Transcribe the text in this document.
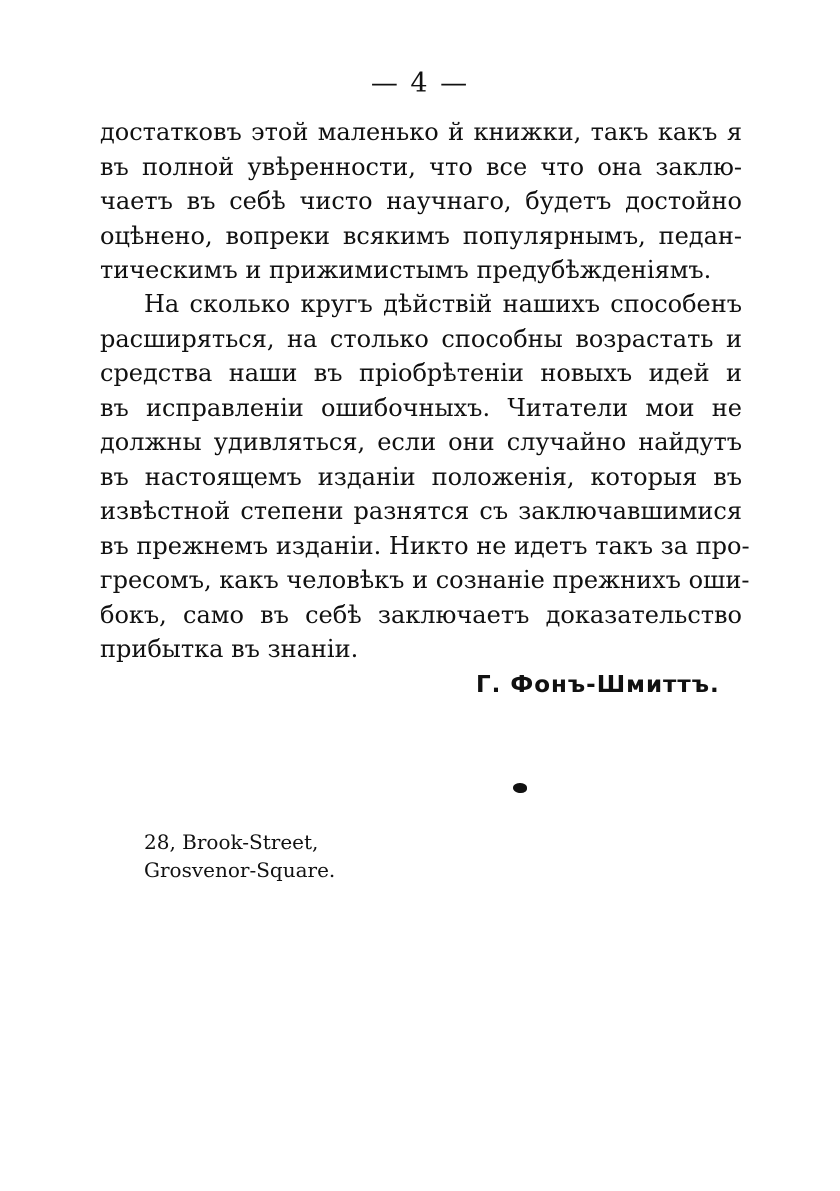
— 4 —
достатковъ этой маленько й книжки, такъ какъ я
въ полной увѣренности, что все что она заклю-
чаетъ въ себѣ чисто научнаго, будетъ достойно
оцѣнено, вопреки всякимъ популярнымъ, педан-
тическимъ и прижимистымъ предубѣжденіямъ.
На сколько кругъ дѣйствій нашихъ способенъ
расширяться, на столько способны возрастать и
средства наши въ пріобрѣтеніи новыхъ идей и
въ исправленіи ошибочныхъ. Читатели мои не
должны удивляться, если они случайно найдутъ
въ настоящемъ изданіи положенія, которыя въ
извѣстной степени разнятся съ заключавшимися
въ прежнемъ изданіи. Никто не идетъ такъ за про-
гресомъ, какъ человѣкъ и сознаніе прежнихъ оши-
бокъ, само въ себѣ заключаетъ доказательство
прибытка въ знаніи.
Г. Фонъ-Шмиттъ.
28, Brook-Street,
Grosvenor-Square.
